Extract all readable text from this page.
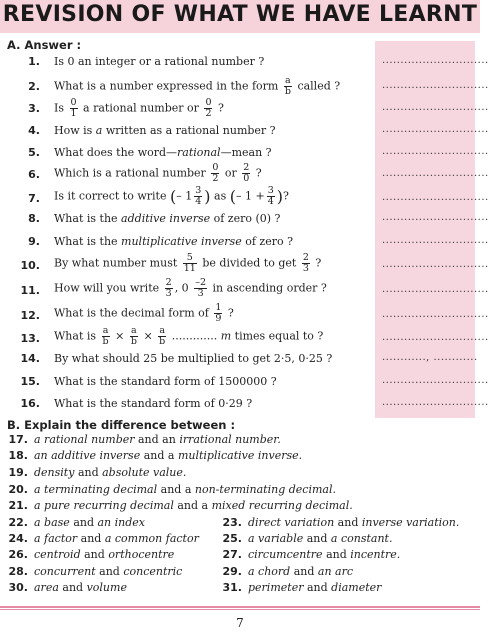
REVISION OF WHAT WE HAVE LEARNT
A. Answer :
1. Is 0 an integer or a rational number ?	.............................
2. What is a number expressed in the form $\frac{a}{b}$ called ?	.............................
3. Is $\frac{0}{1}$ a rational number or $\frac{0}{2}$ ?	.............................
4. How is a written as a rational number ?	.............................
5. What does the word—rational—mean ?	.............................
6. Which is a rational number $\frac{0}{2}$ or $\frac{2}{0}$ ?	.............................
7. Is it correct to write (– $1 \frac{3}{4}$ ) as (– $1 + \frac{3}{4}$ )?	.............................
8. What is the additive inverse of zero (0) ?	.............................
9. What is the multiplicative inverse of zero ?	.............................
10. By what number must $\frac{5}{11}$ be divided to get $\frac{2}{3}$ ?	.............................
11. How will you write $\frac{2}{3}$ , $0 \frac{-2}{3}$ in ascending order ?	.............................
12. What is the decimal form of $\frac{1}{9}$ ?	.............................
13. What is $\frac{a}{b} \times \frac{a}{b} \times \frac{a}{b}$ ............. m times equal to ?	.............................
14. By what should 25 be multiplied to get 2·5, 0·25 ?	............, ............
15. What is the standard form of 1500000 ?	.............................
16. What is the standard form of 0·29 ?	.............................
B. Explain the difference between :
17. a rational number and an irrational number.
18. an additive inverse and a multiplicative inverse.
19. density and absolute value.
20. a terminating decimal and a non-terminating decimal.
21. a pure recurring decimal and a mixed recurring decimal.
22. a base and an index	23. direct variation and inverse variation.
24. a factor and a common factor	25. a variable and a constant.
26. centroid and orthocentre	27. circumcentre and incentre.
28. concurrent and concentric	29. a chord and an arc
30. area and volume	31. perimeter and diameter
7
